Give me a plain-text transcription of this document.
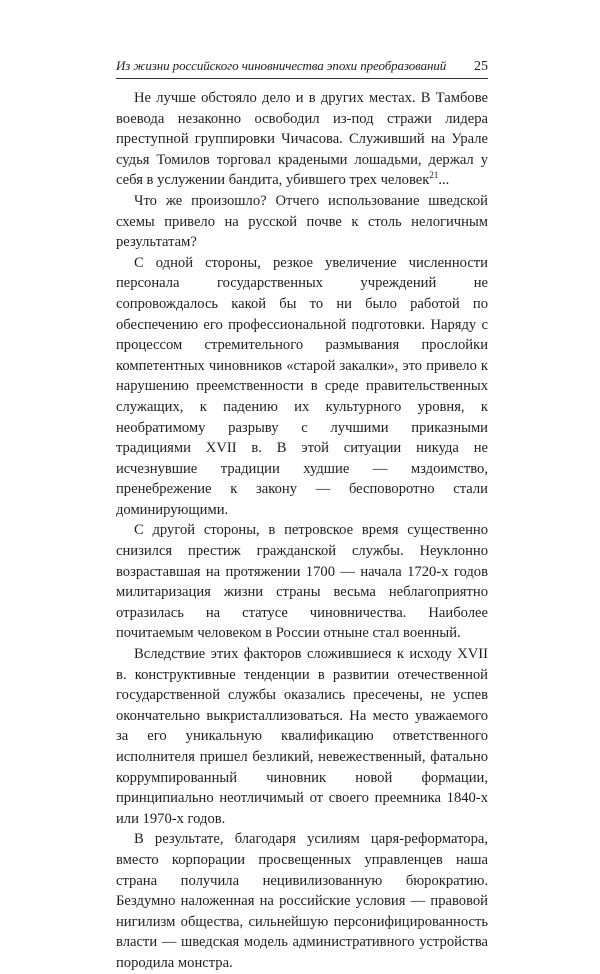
Из жизни российского чиновничества эпохи преобразований 25

Не лучше обстояло дело и в других местах. В Тамбове воевода незаконно освободил из-под стражи лидера преступной группировки Чичасова. Служивший на Урале судья Томилов торговал крадеными лошадьми, держал у себя в услужении бандита, убившего трех человек$^{21}$...

Что же произошло? Отчего использование шведской схемы привело на русской почве к столь нелогичным результатам?

С одной стороны, резкое увеличение численности персонала государственных учреждений не сопровождалось какой бы то ни было работой по обеспечению его профессиональной подготовки. Наряду с процессом стремительного размывания прослойки компетентных чиновников «старой закалки», это привело к нарушению преемственности в среде правительственных служащих, к падению их культурного уровня, к необратимому разрыву с лучшими приказными традициями XVII в. В этой ситуации никуда не исчезнувшие традиции худшие — мздоимство, пренебрежение к закону — бесповоротно стали доминирующими.

С другой стороны, в петровское время существенно снизился престиж гражданской службы. Неуклонно возраставшая на протяжении 1700 — начала 1720-х годов милитаризация жизни страны весьма неблагоприятно отразилась на статусе чиновничества. Наиболее почитаемым человеком в России отныне стал военный.

Вследствие этих факторов сложившиеся к исходу XVII в. конструктивные тенденции в развитии отечественной государственной службы оказались пресечены, не успев окончательно выкристаллизоваться. На место уважаемого за его уникальную квалификацию ответственного исполнителя пришел безликий, невежественный, фатально коррумпированный чиновник новой формации, принципиально неотличимый от своего преемника 1840-х или 1970-х годов.

В результате, благодаря усилиям царя-реформатора, вместо корпорации просвещенных управленцев наша страна получила нецивилизованную бюрократию. Бездумно наложенная на российские условия — правовой нигилизм общества, сильнейшую персонифицированность власти — шведская модель административного устройства породила монстра.
